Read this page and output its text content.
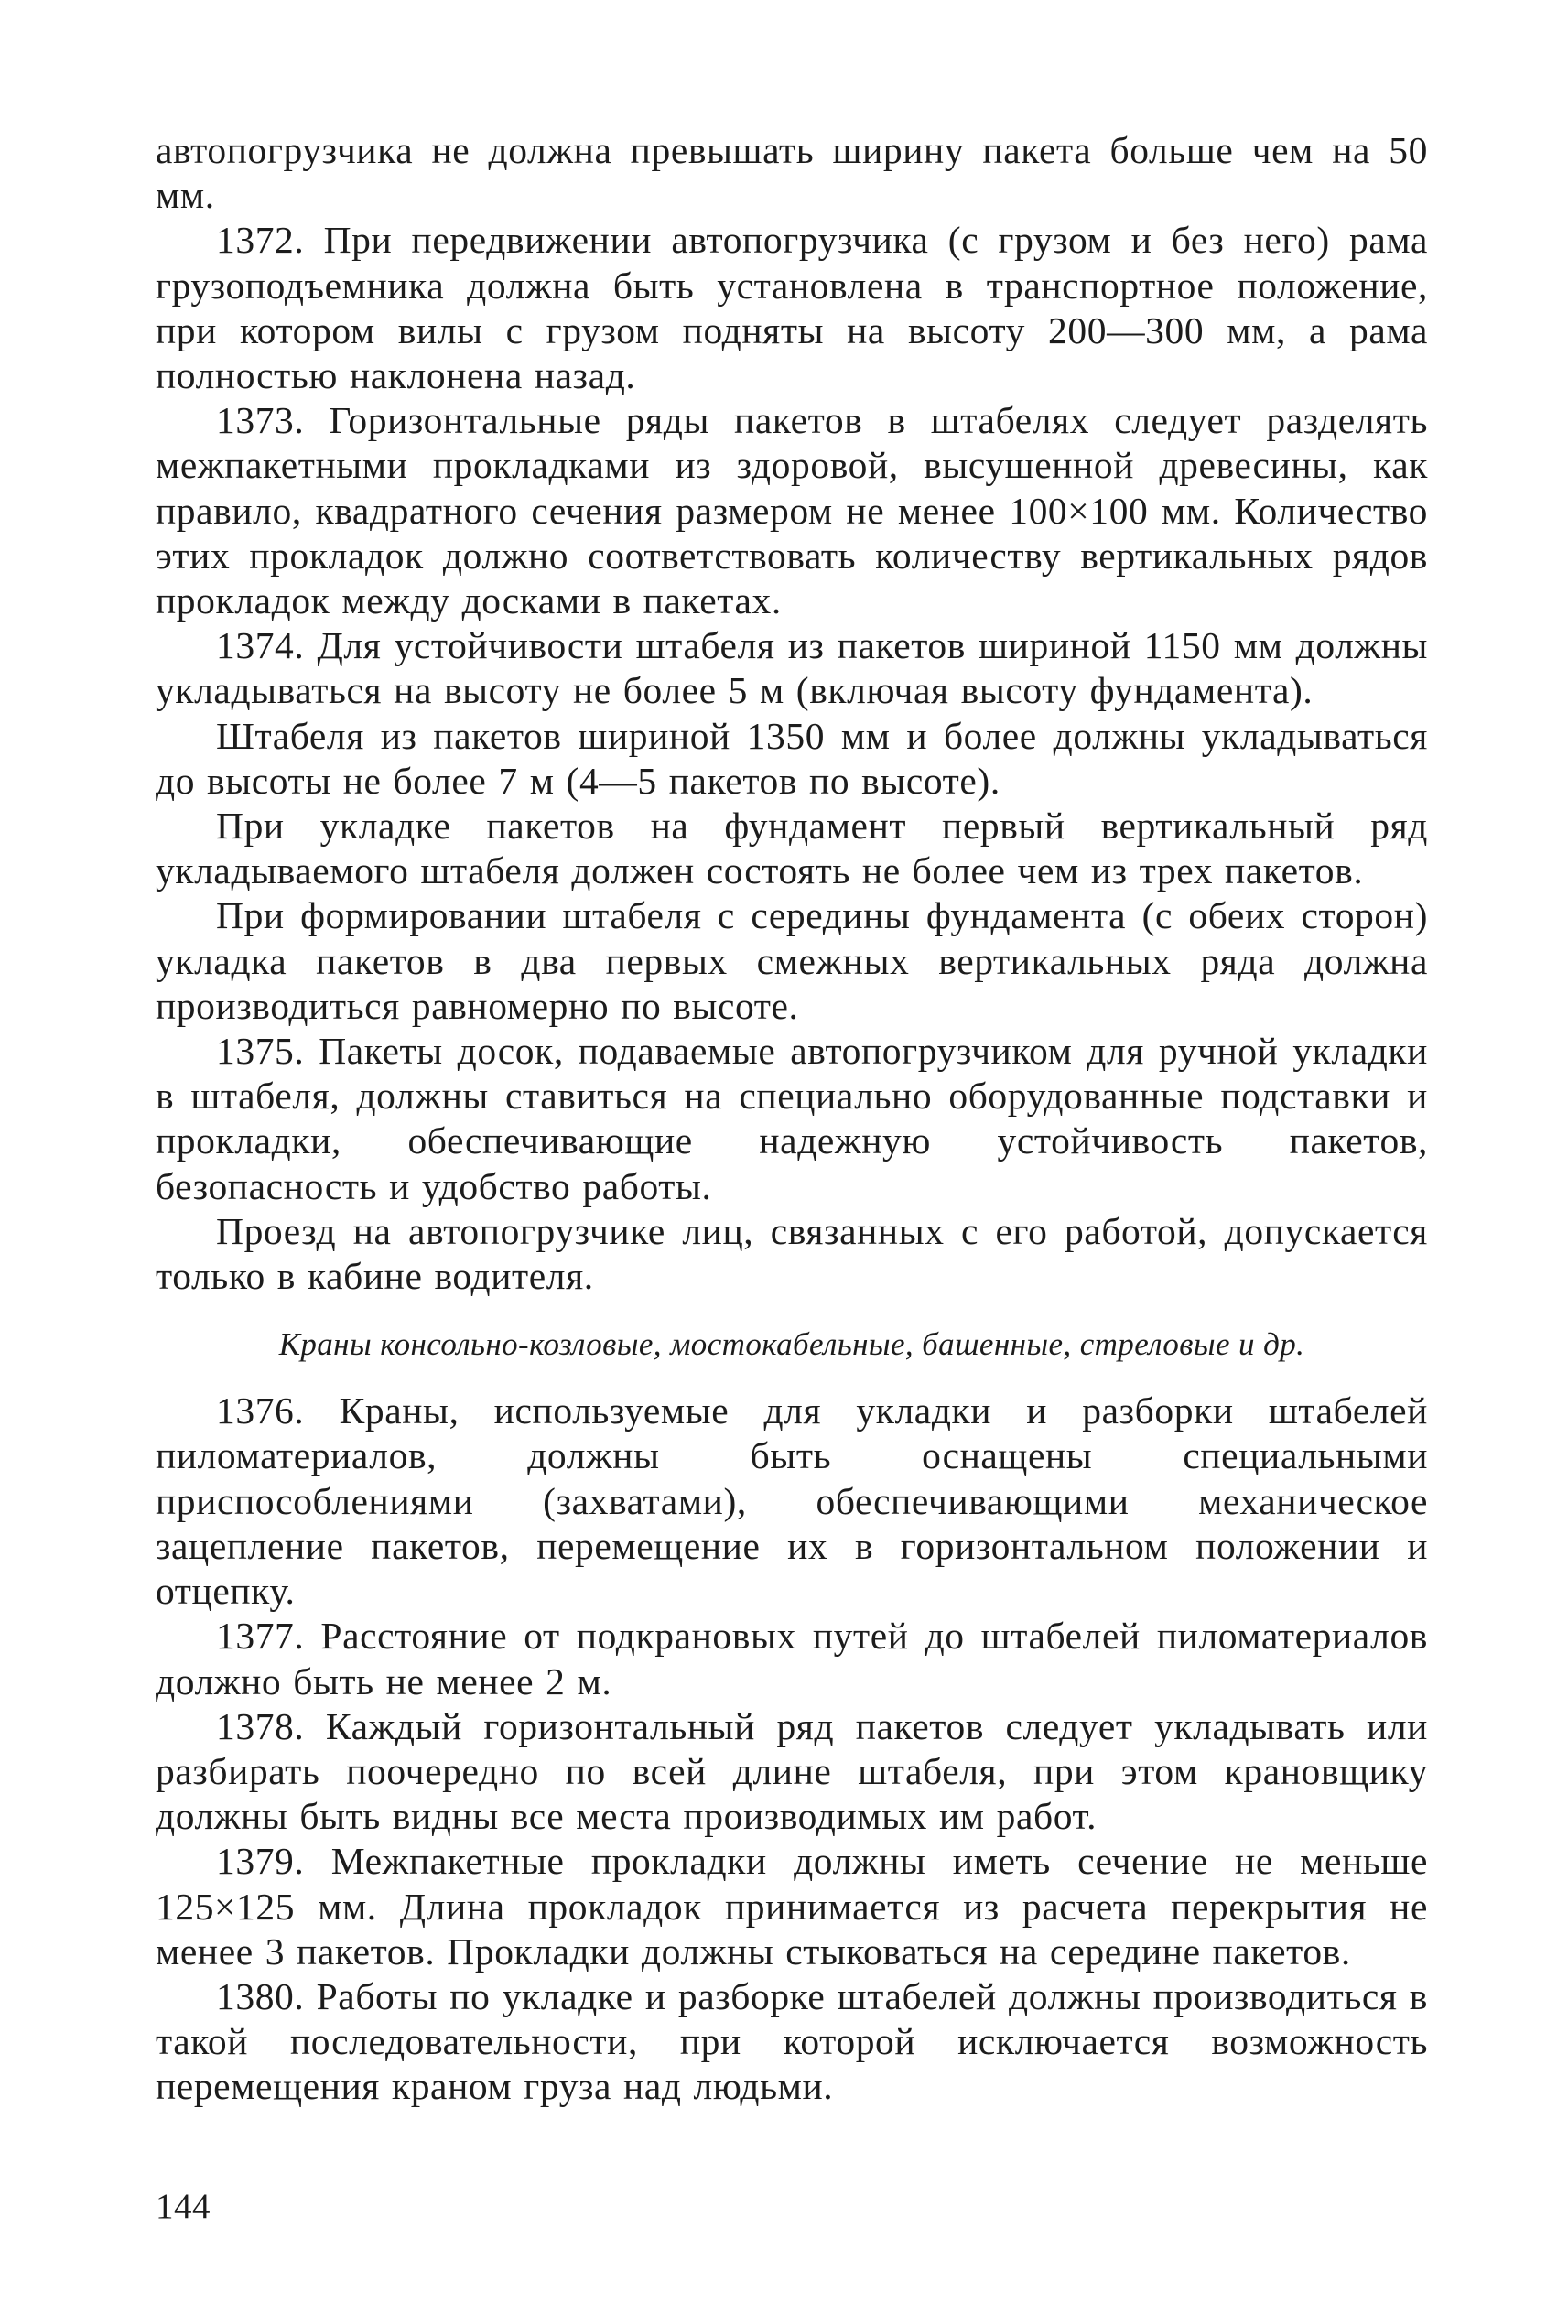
автопогрузчика не должна превышать ширину пакета больше чем на 50 мм.

1372. При передвижении автопогрузчика (с грузом и без него) рама грузоподъемника должна быть установлена в транспортное положение, при котором вилы с грузом подняты на высоту 200—300 мм, а рама полностью наклонена назад.

1373. Горизонтальные ряды пакетов в штабелях следует разделять межпакетными прокладками из здоровой, высушенной древесины, как правило, квадратного сечения размером не менее 100×100 мм. Количество этих прокладок должно соответствовать количеству вертикальных рядов прокладок между досками в пакетах.

1374. Для устойчивости штабеля из пакетов шириной 1150 мм должны укладываться на высоту не более 5 м (включая высоту фундамента).

Штабеля из пакетов шириной 1350 мм и более должны укладываться до высоты не более 7 м (4—5 пакетов по высоте).

При укладке пакетов на фундамент первый вертикальный ряд укладываемого штабеля должен состоять не более чем из трех пакетов.

При формировании штабеля с середины фундамента (с обеих сторон) укладка пакетов в два первых смежных вертикальных ряда должна производиться равномерно по высоте.

1375. Пакеты досок, подаваемые автопогрузчиком для ручной укладки в штабеля, должны ставиться на специально оборудованные подставки и прокладки, обеспечивающие надежную устойчивость пакетов, безопасность и удобство работы.

Проезд на автопогрузчике лиц, связанных с его работой, допускается только в кабине водителя.

Краны консольно-козловые, мостокабельные, башенные, стреловые и др.

1376. Краны, используемые для укладки и разборки штабелей пиломатериалов, должны быть оснащены специальными приспособлениями (захватами), обеспечивающими механическое зацепление пакетов, перемещение их в горизонтальном положении и отцепку.

1377. Расстояние от подкрановых путей до штабелей пиломатериалов должно быть не менее 2 м.

1378. Каждый горизонтальный ряд пакетов следует укладывать или разбирать поочередно по всей длине штабеля, при этом крановщику должны быть видны все места производимых им работ.

1379. Межпакетные прокладки должны иметь сечение не меньше 125×125 мм. Длина прокладок принимается из расчета перекрытия не менее 3 пакетов. Прокладки должны стыковаться на середине пакетов.

1380. Работы по укладке и разборке штабелей должны производиться в такой последовательности, при которой исключается возможность перемещения краном груза над людьми.

144
